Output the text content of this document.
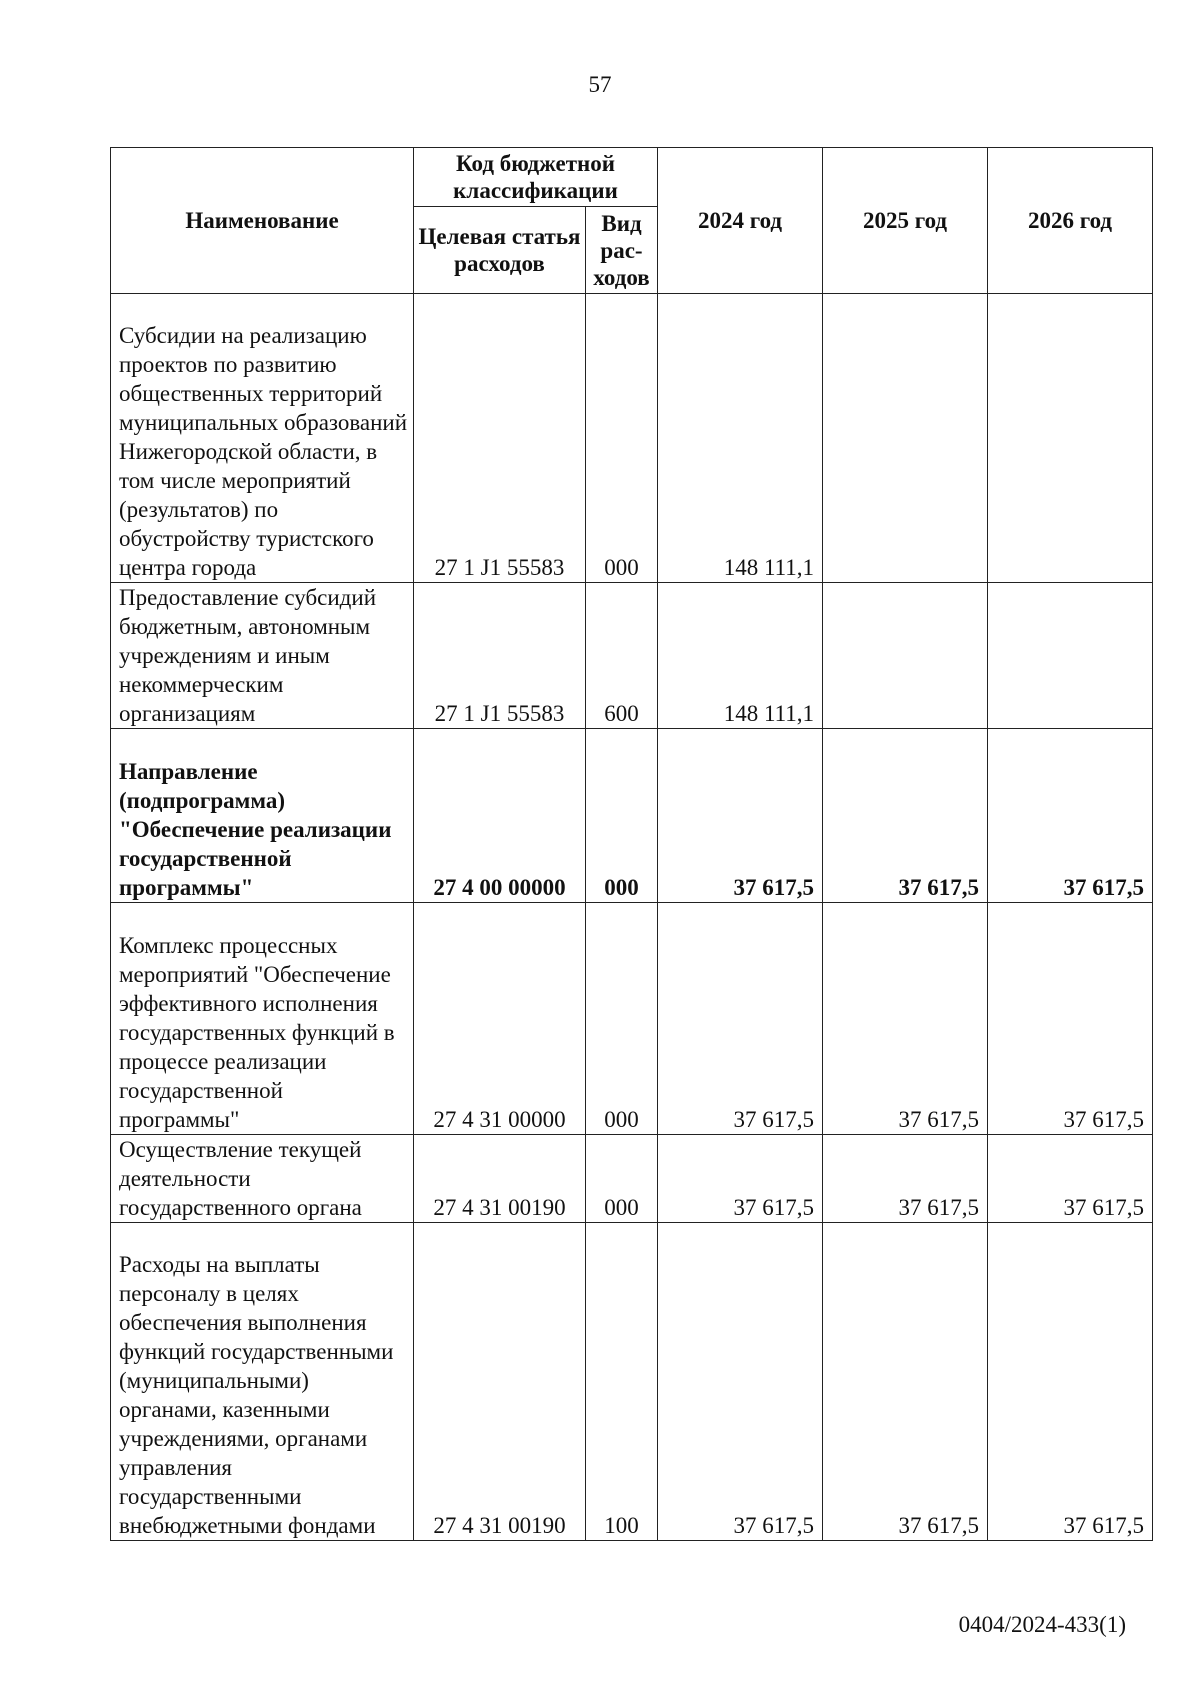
57
Наименование	Код бюджетной классификации		2024 год	2025 год	2026 год
	Целевая статья расходов	Вид рас-ходов			
Субсидии на реализацию проектов по развитию общественных территорий муниципальных образований Нижегородской области, в том числе мероприятий (результатов) по обустройству туристского центра города	27 1 J1 55583	000	148 111,1		
Предоставление субсидий бюджетным, автономным учреждениям и иным некоммерческим организациям	27 1 J1 55583	600	148 111,1		
Направление (подпрограмма) "Обеспечение реализации государственной программы"	27 4 00 00000	000	37 617,5	37 617,5	37 617,5
Комплекс процессных мероприятий "Обеспечение эффективного исполнения государственных функций в процессе реализации государственной программы"	27 4 31 00000	000	37 617,5	37 617,5	37 617,5
Осуществление текущей деятельности государственного органа	27 4 31 00190	000	37 617,5	37 617,5	37 617,5
Расходы на выплаты персоналу в целях обеспечения выполнения функций государственными (муниципальными) органами, казенными учреждениями, органами управления государственными внебюджетными фондами	27 4 31 00190	100	37 617,5	37 617,5	37 617,5
0404/2024-433(1)
